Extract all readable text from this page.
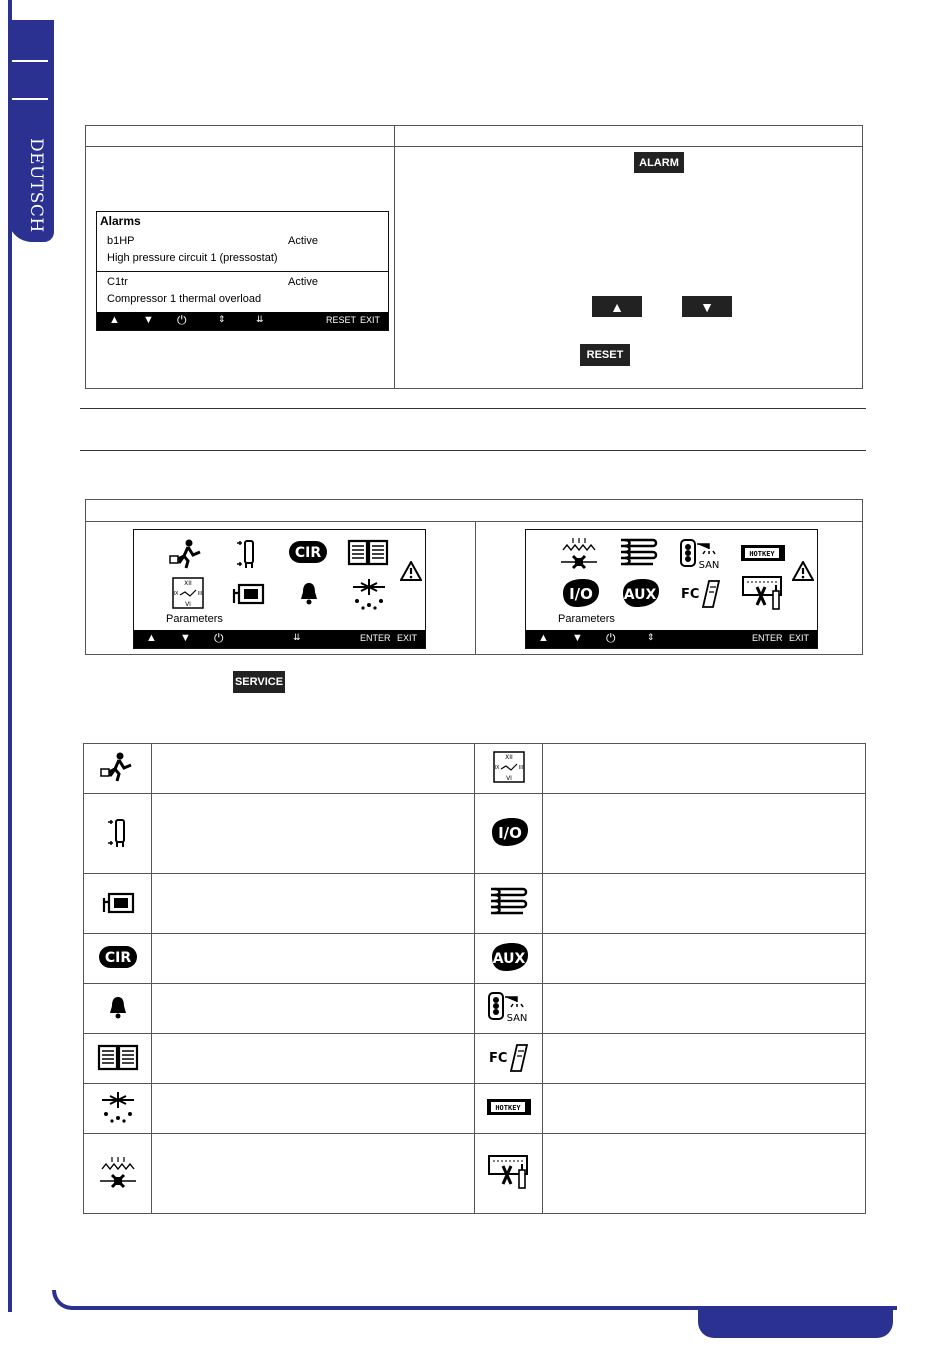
DEUTSCH	Alarms
b1HP	Active
High pressure circuit 1 (pressostat)
C1tr	Active
Compressor 1 thermal overload
▲ ▼ ⏻	⇕	⇊	RESET EXIT
ALARM
▲	▼
RESET
CIR
XII
IX	III
VI
Parameters
▲ ▼ ⏻	⇊	ENTER EXIT
SAN
HOTKEY
I/O AUX FC
Parameters
▲ ▼ ⏻	⇕	ENTER EXIT
SERVICE

XII
IX III
VI	

I/O	

CIR		AUX	

SAN	

FC	

HOTKEY	
